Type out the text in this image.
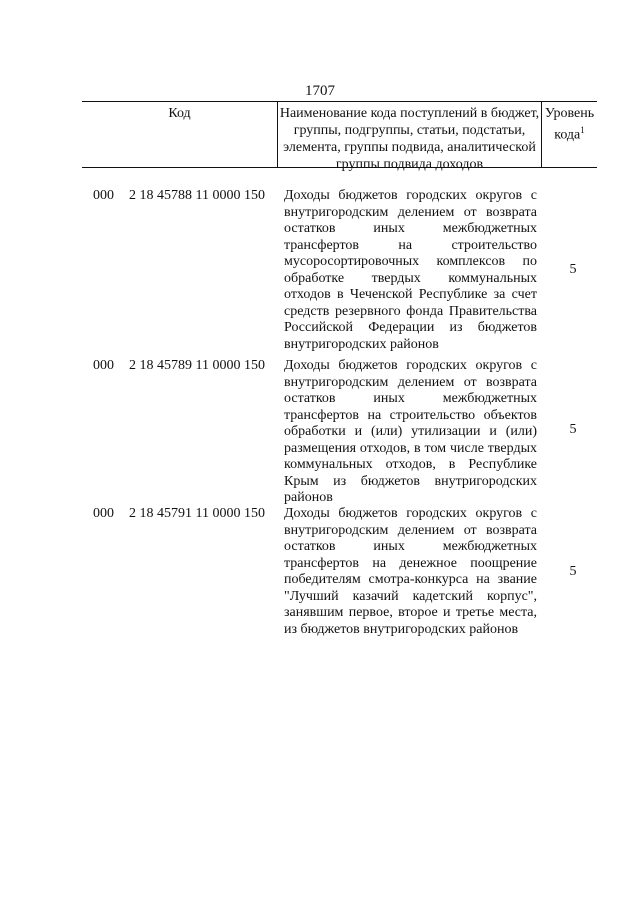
1707
Код	Наименование кода поступлений в бюджет, группы, подгруппы, статьи, подстатьи, элемента, группы подвида, аналитической группы подвида доходов
Уровень кода$^1$
000 2 18 45788 11 0000 150 Доходы бюджетов городских округов с внутригородским делением от возврата остатков иных межбюджетных трансфертов на строительство мусоросортировочных комплексов по обработке твердых коммунальных отходов в Чеченской Республике за счет средств резервного фонда Правительства Российской Федерации из бюджетов внутригородских районов
5
000 2 18 45789 11 0000 150 Доходы бюджетов городских округов с внутригородским делением от возврата остатков иных межбюджетных трансфертов на строительство объектов обработки и (или) утилизации и (или) размещения отходов, в том числе твердых коммунальных отходов, в Республике Крым из бюджетов внутригородских районов
5
000 2 18 45791 11 0000 150 Доходы бюджетов городских округов с внутригородским делением от возврата остатков иных межбюджетных трансфертов на денежное поощрение победителям смотра-конкурса на звание "Лучший казачий кадетский корпус", занявшим первое, второе и третье места, из бюджетов внутригородских районов
5
